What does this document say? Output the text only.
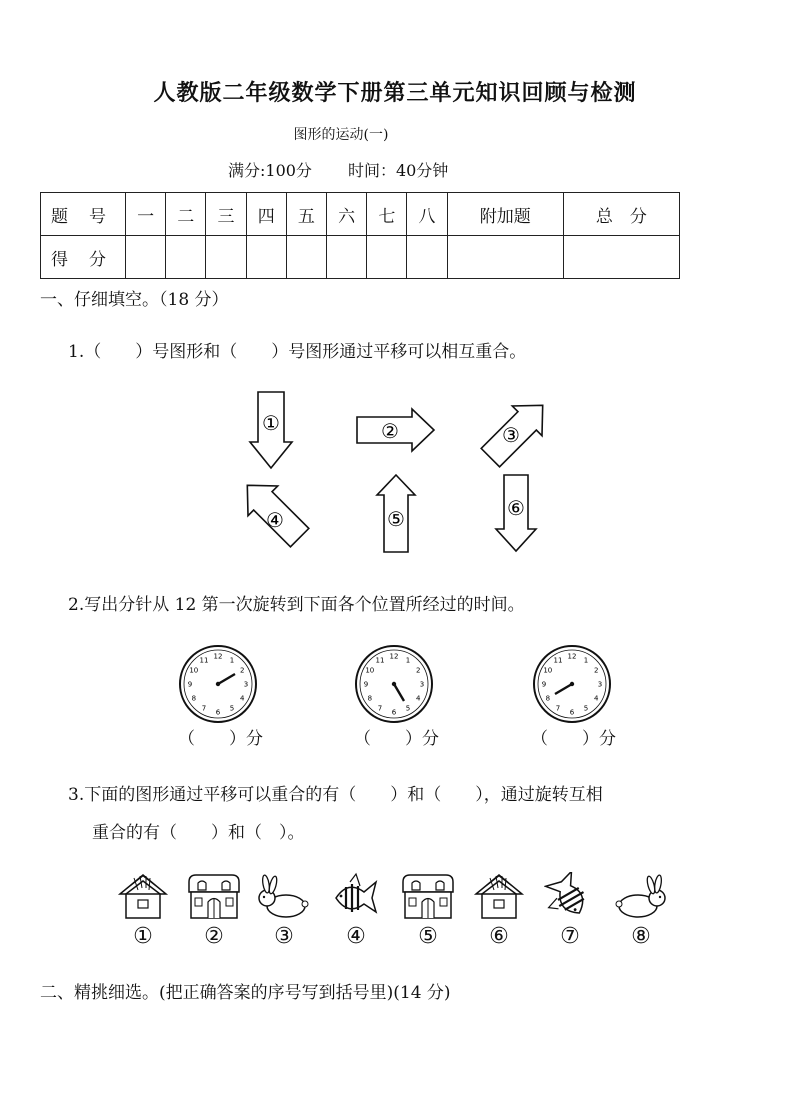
人教版二年级数学下册第三单元知识回顾与检测
图形的运动(一)
满分:100分 时间：40分钟
题　号	一	二	三	四	五	六	七	八	附加题	总　分
得　分										
一、仔细填空。（18 分）
1.（　　）号图形和（　　）号图形通过平移可以相互重合。
①	②	③
④	⑤	⑥
2.写出分针从 12 第一次旋转到下面各个位置所经过的时间。
1
2
3
4
5
6
7
8
9
10
11 12	1
2
3
4
5
6
7
8
9
10
11 12	1
2
3
4
5
6
7
8
9
10
11 12
（　　）分	（　　）分	（　　）分
3.下面的图形通过平移可以重合的有（　　）和（　　），通过旋转互相
重合的有（　　）和（　）。
①	②	③	④	⑤	⑥	⑦	⑧
二、精挑细选。(把正确答案的序号写到括号里)(14 分)
